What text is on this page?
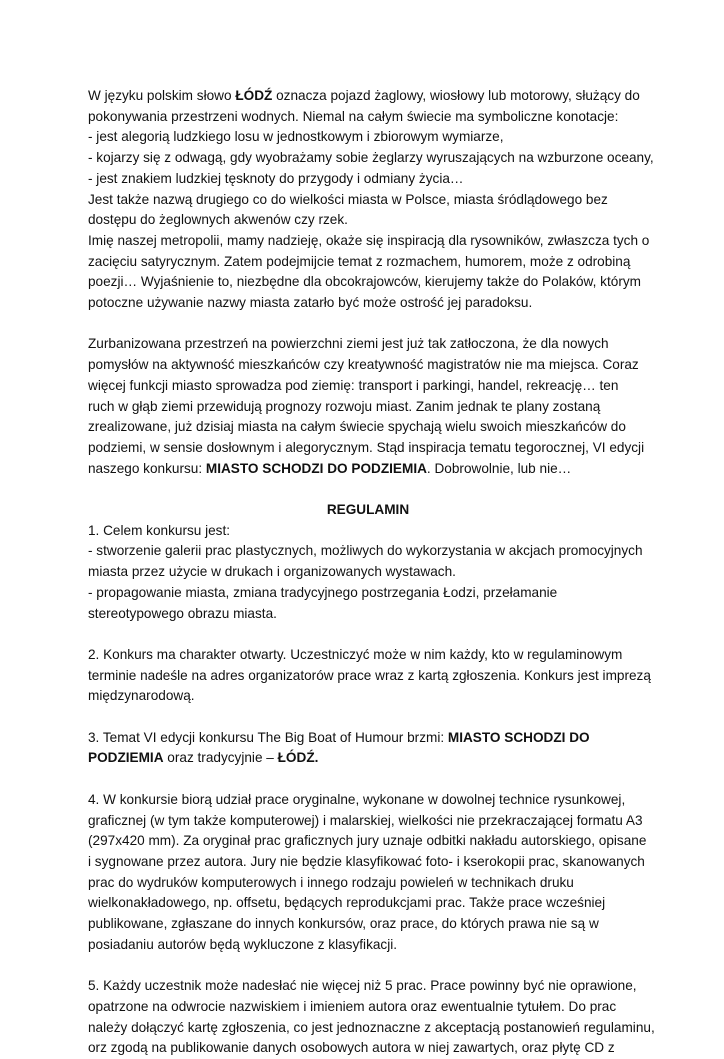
W języku polskim słowo ŁÓDŹ oznacza pojazd żaglowy, wiosłowy lub motorowy, służący do

pokonywania przestrzeni wodnych. Niemal na całym świecie ma symboliczne konotacje:

- jest alegorią ludzkiego losu w jednostkowym i zbiorowym wymiarze,

- kojarzy się z odwagą, gdy wyobrażamy sobie żeglarzy wyruszających na wzburzone oceany,

- jest znakiem ludzkiej tęsknoty do przygody i odmiany życia…

Jest także nazwą drugiego co do wielkości miasta w Polsce, miasta śródlądowego bez

dostępu do żeglownych akwenów czy rzek.

Imię naszej metropolii, mamy nadzieję, okaże się inspiracją dla rysowników, zwłaszcza tych o

zacięciu satyrycznym. Zatem podejmijcie temat z rozmachem, humorem, może z odrobiną

poezji… Wyjaśnienie to, niezbędne dla obcokrajowców, kierujemy także do Polaków, którym

potoczne używanie nazwy miasta zatarło być może ostrość jej paradoksu.

Zurbanizowana przestrzeń na powierzchni ziemi jest już tak zatłoczona, że dla nowych

pomysłów na aktywność mieszkańców czy kreatywność magistratów nie ma miejsca. Coraz

więcej funkcji miasto sprowadza pod ziemię: transport i parkingi, handel, rekreację… ten

ruch w głąb ziemi przewidują prognozy rozwoju miast. Zanim jednak te plany zostaną

zrealizowane, już dzisiaj miasta na całym świecie spychają wielu swoich mieszkańców do

podziemi, w sensie dosłownym i alegorycznym. Stąd inspiracja tematu tegorocznej, VI edycji

naszego konkursu: MIASTO SCHODZI DO PODZIEMIA. Dobrowolnie, lub nie…

REGULAMIN

1. Celem konkursu jest:

- stworzenie galerii prac plastycznych, możliwych do wykorzystania w akcjach promocyjnych

miasta przez użycie w drukach i organizowanych wystawach.

- propagowanie miasta, zmiana tradycyjnego postrzegania Łodzi, przełamanie

stereotypowego obrazu miasta.

2. Konkurs ma charakter otwarty. Uczestniczyć może w nim każdy, kto w regulaminowym

terminie nadeśle na adres organizatorów prace wraz z kartą zgłoszenia. Konkurs jest imprezą

międzynarodową.

3. Temat VI edycji konkursu The Big Boat of Humour brzmi: MIASTO SCHODZI DO

PODZIEMIA oraz tradycyjnie – ŁÓDŹ.

4. W konkursie biorą udział prace oryginalne, wykonane w dowolnej technice rysunkowej,

graficznej (w tym także komputerowej) i malarskiej, wielkości nie przekraczającej formatu A3

(297x420 mm). Za oryginał prac graficznych jury uznaje odbitki nakładu autorskiego, opisane

i sygnowane przez autora. Jury nie będzie klasyfikować foto- i kserokopii prac, skanowanych

prac do wydruków komputerowych i innego rodzaju powieleń w technikach druku

wielkonakładowego, np. offsetu, będących reprodukcjami prac. Także prace wcześniej

publikowane, zgłaszane do innych konkursów, oraz prace, do których prawa nie są w

posiadaniu autorów będą wykluczone z klasyfikacji.

5. Każdy uczestnik może nadesłać nie więcej niż 5 prac. Prace powinny być nie oprawione,

opatrzone na odwrocie nazwiskiem i imieniem autora oraz ewentualnie tytułem. Do prac

należy dołączyć kartę zgłoszenia, co jest jednoznaczne z akceptacją postanowień regulaminu,

orz zgodą na publikowanie danych osobowych autora w niej zawartych, oraz płytę CD z
